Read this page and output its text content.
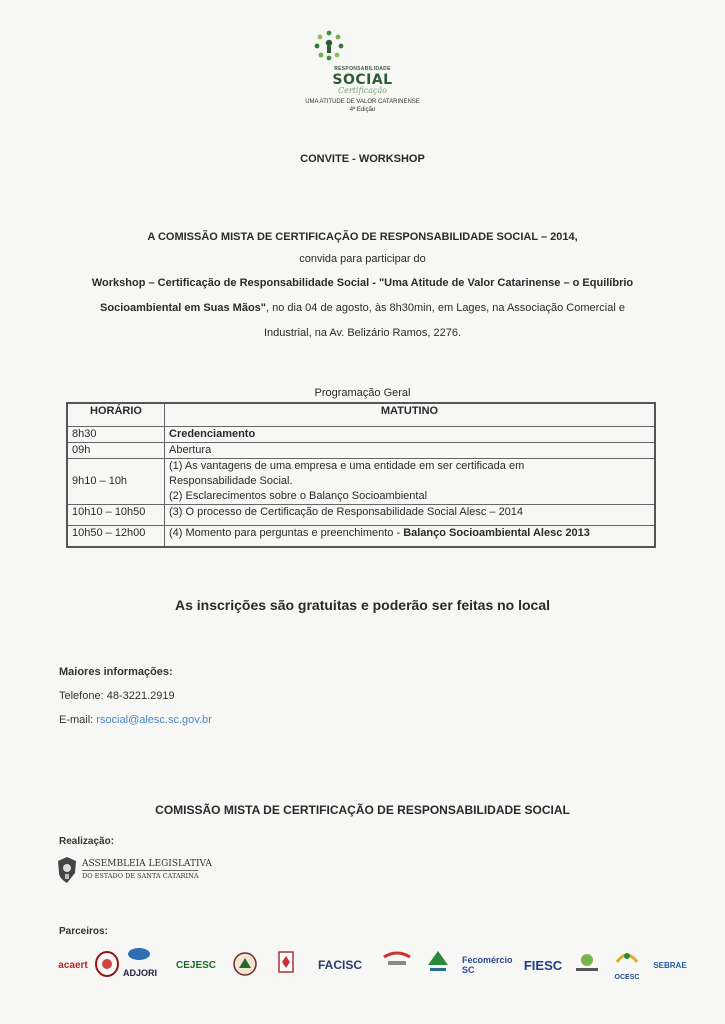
RESPONSABILIDADE
SOCIAL
Certificação
UMA ATITUDE DE VALOR CATARINENSE
4ª Edição
CONVITE - WORKSHOP
A COMISSÃO MISTA DE CERTIFICAÇÃO DE RESPONSABILIDADE SOCIAL – 2014,
convida para participar do
Workshop – Certificação de Responsabilidade Social - "Uma Atitude de Valor Catarinense – o Equilíbrio
Socioambiental em Suas Mãos", no dia 04 de agosto, às 8h30min, em Lages, na Associação Comercial e
Industrial, na Av. Belizário Ramos, 2276.
Programação Geral
HORÁRIO	MATUTINO
8h30	Credenciamento
09h	Abertura
9h10 – 10h	(1) As vantagens de uma empresa e uma entidade em ser certificada em
Responsabilidade Social.
(2) Esclarecimentos sobre o Balanço Socioambiental

10h10 – 10h50	(3) O processo de Certificação de Responsabilidade Social Alesc – 2014
10h50 – 12h00	(4) Momento para perguntas e preenchimento - Balanço Socioambiental Alesc 2013
As inscrições são gratuitas e poderão ser feitas no local
Maiores informações:
Telefone: 48-3221.2919
E-mail: rsocial@alesc.sc.gov.br
COMISSÃO MISTA DE CERTIFICAÇÃO DE RESPONSABILIDADE SOCIAL
Realização:
ASSEMBLEIA LEGISLATIVA
DO ESTADO DE SANTA CATARINA
Parceiros:
acaert
ADJORI
CEJESC	FACISC	Fecomércio SC	FIESC
OCESC
SEBRAE
